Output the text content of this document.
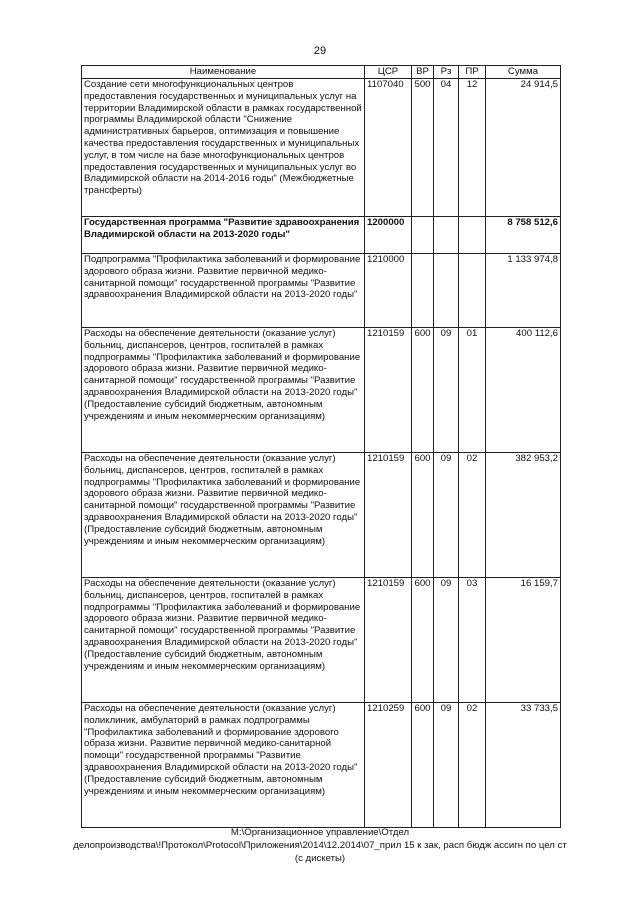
29
Наименование	ЦСР	ВР	Рз	ПР	Сумма
Создание сети многофункциональных центров предоставления государственных и муниципальных услуг на территории Владимирской области в рамках государственной программы Владимирской области "Снижение административных барьеров, оптимизация и повышение качества предоставления государственных и муниципальных услуг, в том числе на базе многофункциональных центров предоставления государственных и муниципальных услуг во Владимирской области на 2014-2016 годы" (Межбюджетные трансферты)	1107040	500	04	12	24 914,5
Государственная программа "Развитие здравоохранения Владимирской области на 2013-2020 годы"	1200000				8 758 512,6
Подпрограмма "Профилактика заболеваний и формирование здорового образа жизни. Развитие первичной медико-санитарной помощи" государственной программы "Развитие здравоохранения Владимирской области на 2013-2020 годы"	1210000				1 133 974,8
Расходы на обеспечение деятельности (оказание услуг) больниц, диспансеров, центров, госпиталей в рамках подпрограммы "Профилактика заболеваний и формирование здорового образа жизни. Развитие первичной медико-санитарной помощи" государственной программы "Развитие здравоохранения Владимирской области на 2013-2020 годы" (Предоставление субсидий бюджетным, автономным учреждениям и иным некоммерческим организациям)	1210159	600	09	01	400 112,6
Расходы на обеспечение деятельности (оказание услуг) больниц, диспансеров, центров, госпиталей в рамках подпрограммы "Профилактика заболеваний и формирование здорового образа жизни. Развитие первичной медико-санитарной помощи" государственной программы "Развитие здравоохранения Владимирской области на 2013-2020 годы" (Предоставление субсидий бюджетным, автономным учреждениям и иным некоммерческим организациям)	1210159	600	09	02	382 953,2
Расходы на обеспечение деятельности (оказание услуг) больниц, диспансеров, центров, госпиталей в рамках подпрограммы "Профилактика заболеваний и формирование здорового образа жизни. Развитие первичной медико-санитарной помощи" государственной программы "Развитие здравоохранения Владимирской области на 2013-2020 годы" (Предоставление субсидий бюджетным, автономным учреждениям и иным некоммерческим организациям)	1210159	600	09	03	16 159,7
Расходы на обеспечение деятельности (оказание услуг) поликлиник, амбулаторий в рамках подпрограммы "Профилактика заболеваний и формирование здорового образа жизни. Развитие первичной медико-санитарной помощи" государственной программы "Развитие здравоохранения Владимирской области на 2013-2020 годы" (Предоставление субсидий бюджетным, автономным учреждениям и иным некоммерческим организациям)	1210259	600	09	02	33 733,5
М:\Организационное управление\Отдел
делопроизводства\!Протокол\Protocol\Приложения\2014\12.2014\07_прил 15 к зак, расп бюдж ассигн по цел ст
(с дискеты)
